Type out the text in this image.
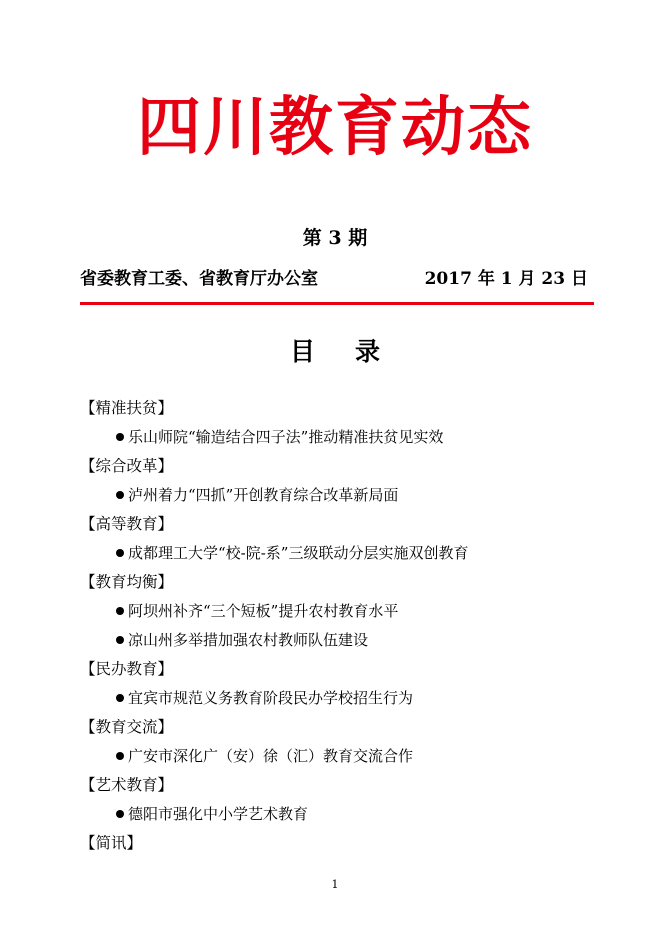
四川教育动态
第 3 期
省委教育工委、省教育厅办公室	2017 年 1 月 23 日
目录
【精准扶贫】
乐山师院“输造结合四子法”推动精准扶贫见实效
【综合改革】
泸州着力“四抓”开创教育综合改革新局面
【高等教育】
成都理工大学“校-院-系”三级联动分层实施双创教育
【教育均衡】
阿坝州补齐“三个短板”提升农村教育水平
凉山州多举措加强农村教师队伍建设
【民办教育】
宜宾市规范义务教育阶段民办学校招生行为
【教育交流】
广安市深化广（安）徐（汇）教育交流合作
【艺术教育】
德阳市强化中小学艺术教育
【简讯】
1
